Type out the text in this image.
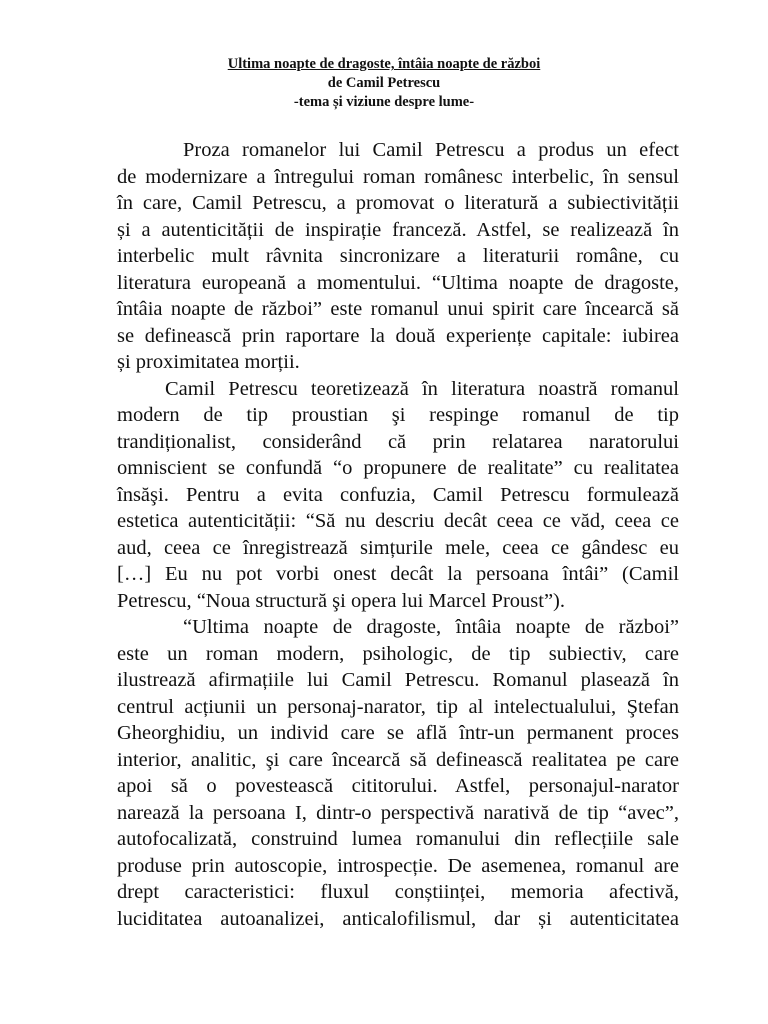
Ultima noapte de dragoste, întâia noapte de război
de Camil Petrescu
-tema și viziune despre lume-
Proza romanelor lui Camil Petrescu a produs un efect
de modernizare a întregului roman românesc interbelic, în sensul
în care, Camil Petrescu, a promovat o literatură a subiectivității
și a autenticității de inspirație franceză. Astfel, se realizează în
interbelic mult râvnita sincronizare a literaturii române, cu
literatura europeană a momentului. “Ultima noapte de dragoste,
întâia noapte de război” este romanul unui spirit care încearcă să
se definească prin raportare la două experiențe capitale: iubirea
și proximitatea morții.
Camil Petrescu teoretizează în literatura noastră romanul
modern de tip proustian şi respinge romanul de tip
trandiționalist, considerând că prin relatarea naratorului
omniscient se confundă “o propunere de realitate” cu realitatea
însăşi. Pentru a evita confuzia, Camil Petrescu formulează
estetica autenticității: “Să nu descriu decât ceea ce văd, ceea ce
aud, ceea ce înregistrează simțurile mele, ceea ce gândesc eu
[…] Eu nu pot vorbi onest decât la persoana întâi” (Camil
Petrescu, “Noua structură şi opera lui Marcel Proust”).
“Ultima noapte de dragoste, întâia noapte de război”
este un roman modern, psihologic, de tip subiectiv, care
ilustrează afirmațiile lui Camil Petrescu. Romanul plasează în
centrul acțiunii un personaj-narator, tip al intelectualului, Ştefan
Gheorghidiu, un individ care se află într-un permanent proces
interior, analitic, şi care încearcă să definească realitatea pe care
apoi să o povestească cititorului. Astfel, personajul-narator
narează la persoana I, dintr-o perspectivă narativă de tip “avec”,
autofocalizată, construind lumea romanului din reflecțiile sale
produse prin autoscopie, introspecție. De asemenea, romanul are
drept caracteristici: fluxul conștiinței, memoria afectivă,
luciditatea autoanalizei, anticalofilismul, dar și autenticitatea
